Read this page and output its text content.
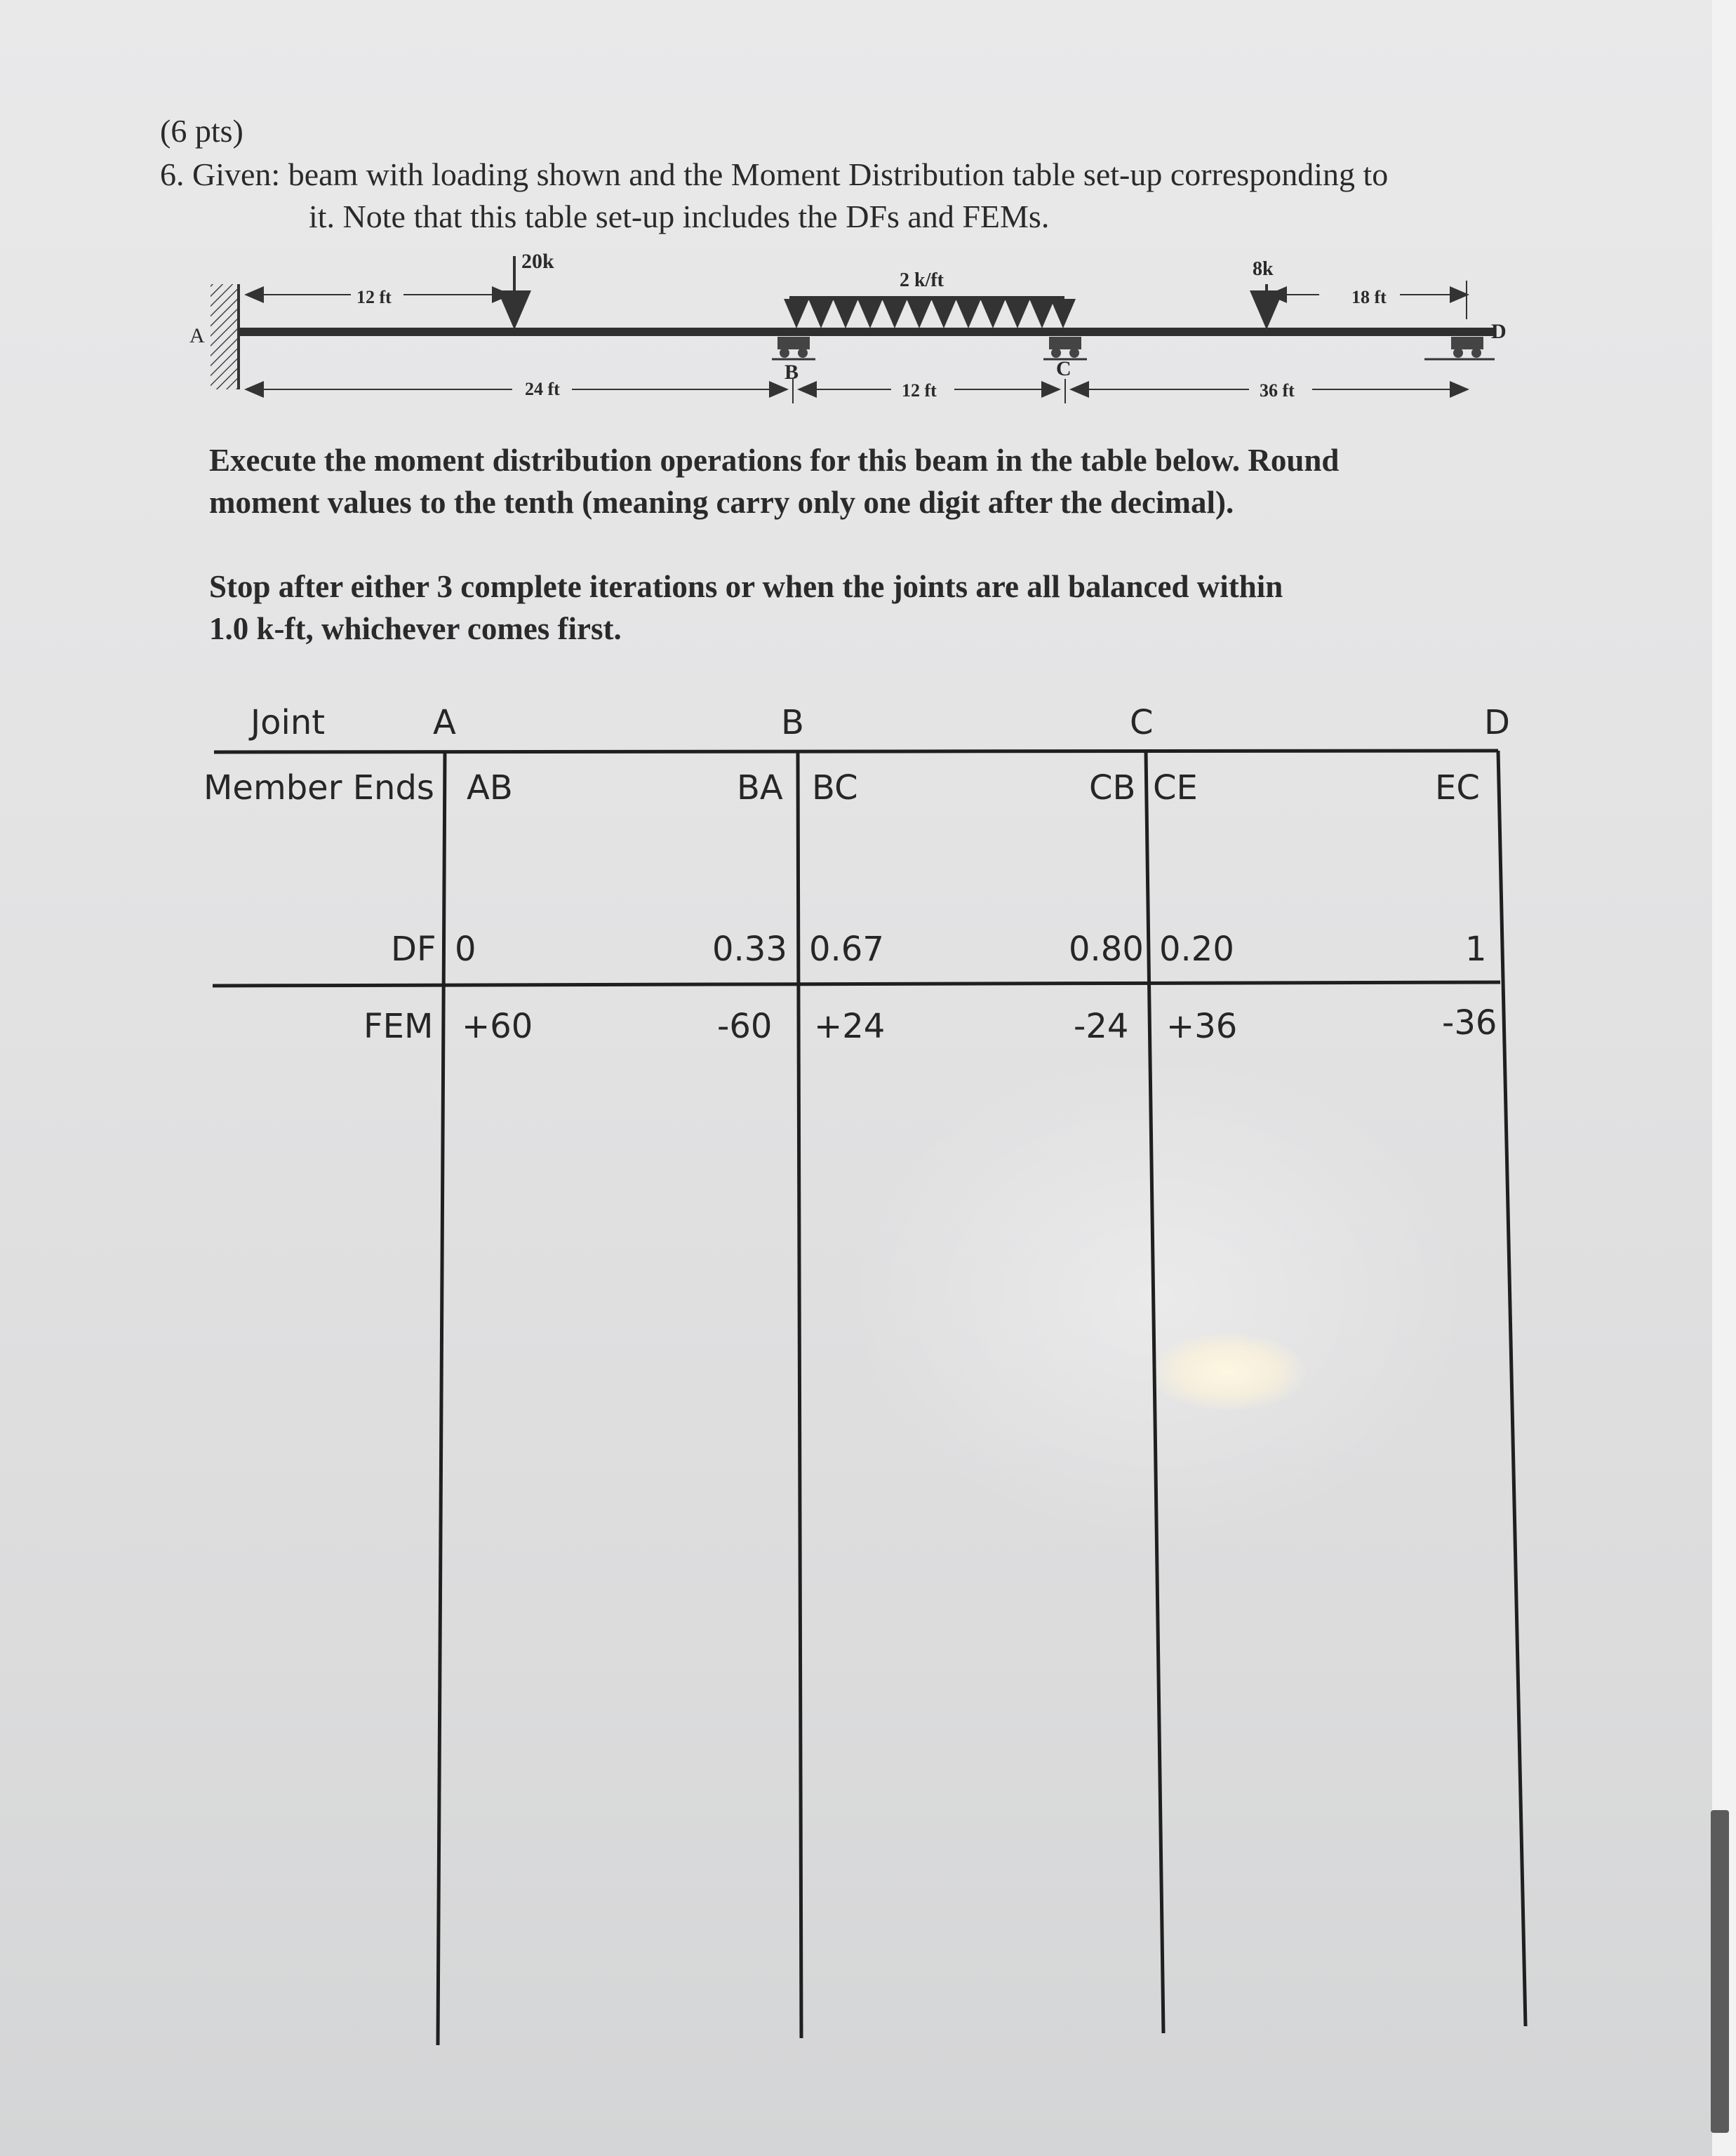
(6 pts)
6. Given: beam with loading shown and the Moment Distribution table set-up corresponding to
it. Note that this table set-up includes the DFs and FEMs.
A
B	C
D
20k
2 k/ft
8k
12 ft	18 ft
24 ft	12 ft	36 ft
Execute the moment distribution operations for this beam in the table below. Round
moment values to the tenth (meaning carry only one digit after the decimal).
Stop after either 3 complete iterations or when the joints are all balanced within
1.0 k-ft, whichever comes first.
Joint	A	B	C	D
Member Ends AB	BA BC	CB CE	EC
DF 0	0.33 0.67	0.80 0.20	1
FEM +60	-60 +24	-24 +36	-36
